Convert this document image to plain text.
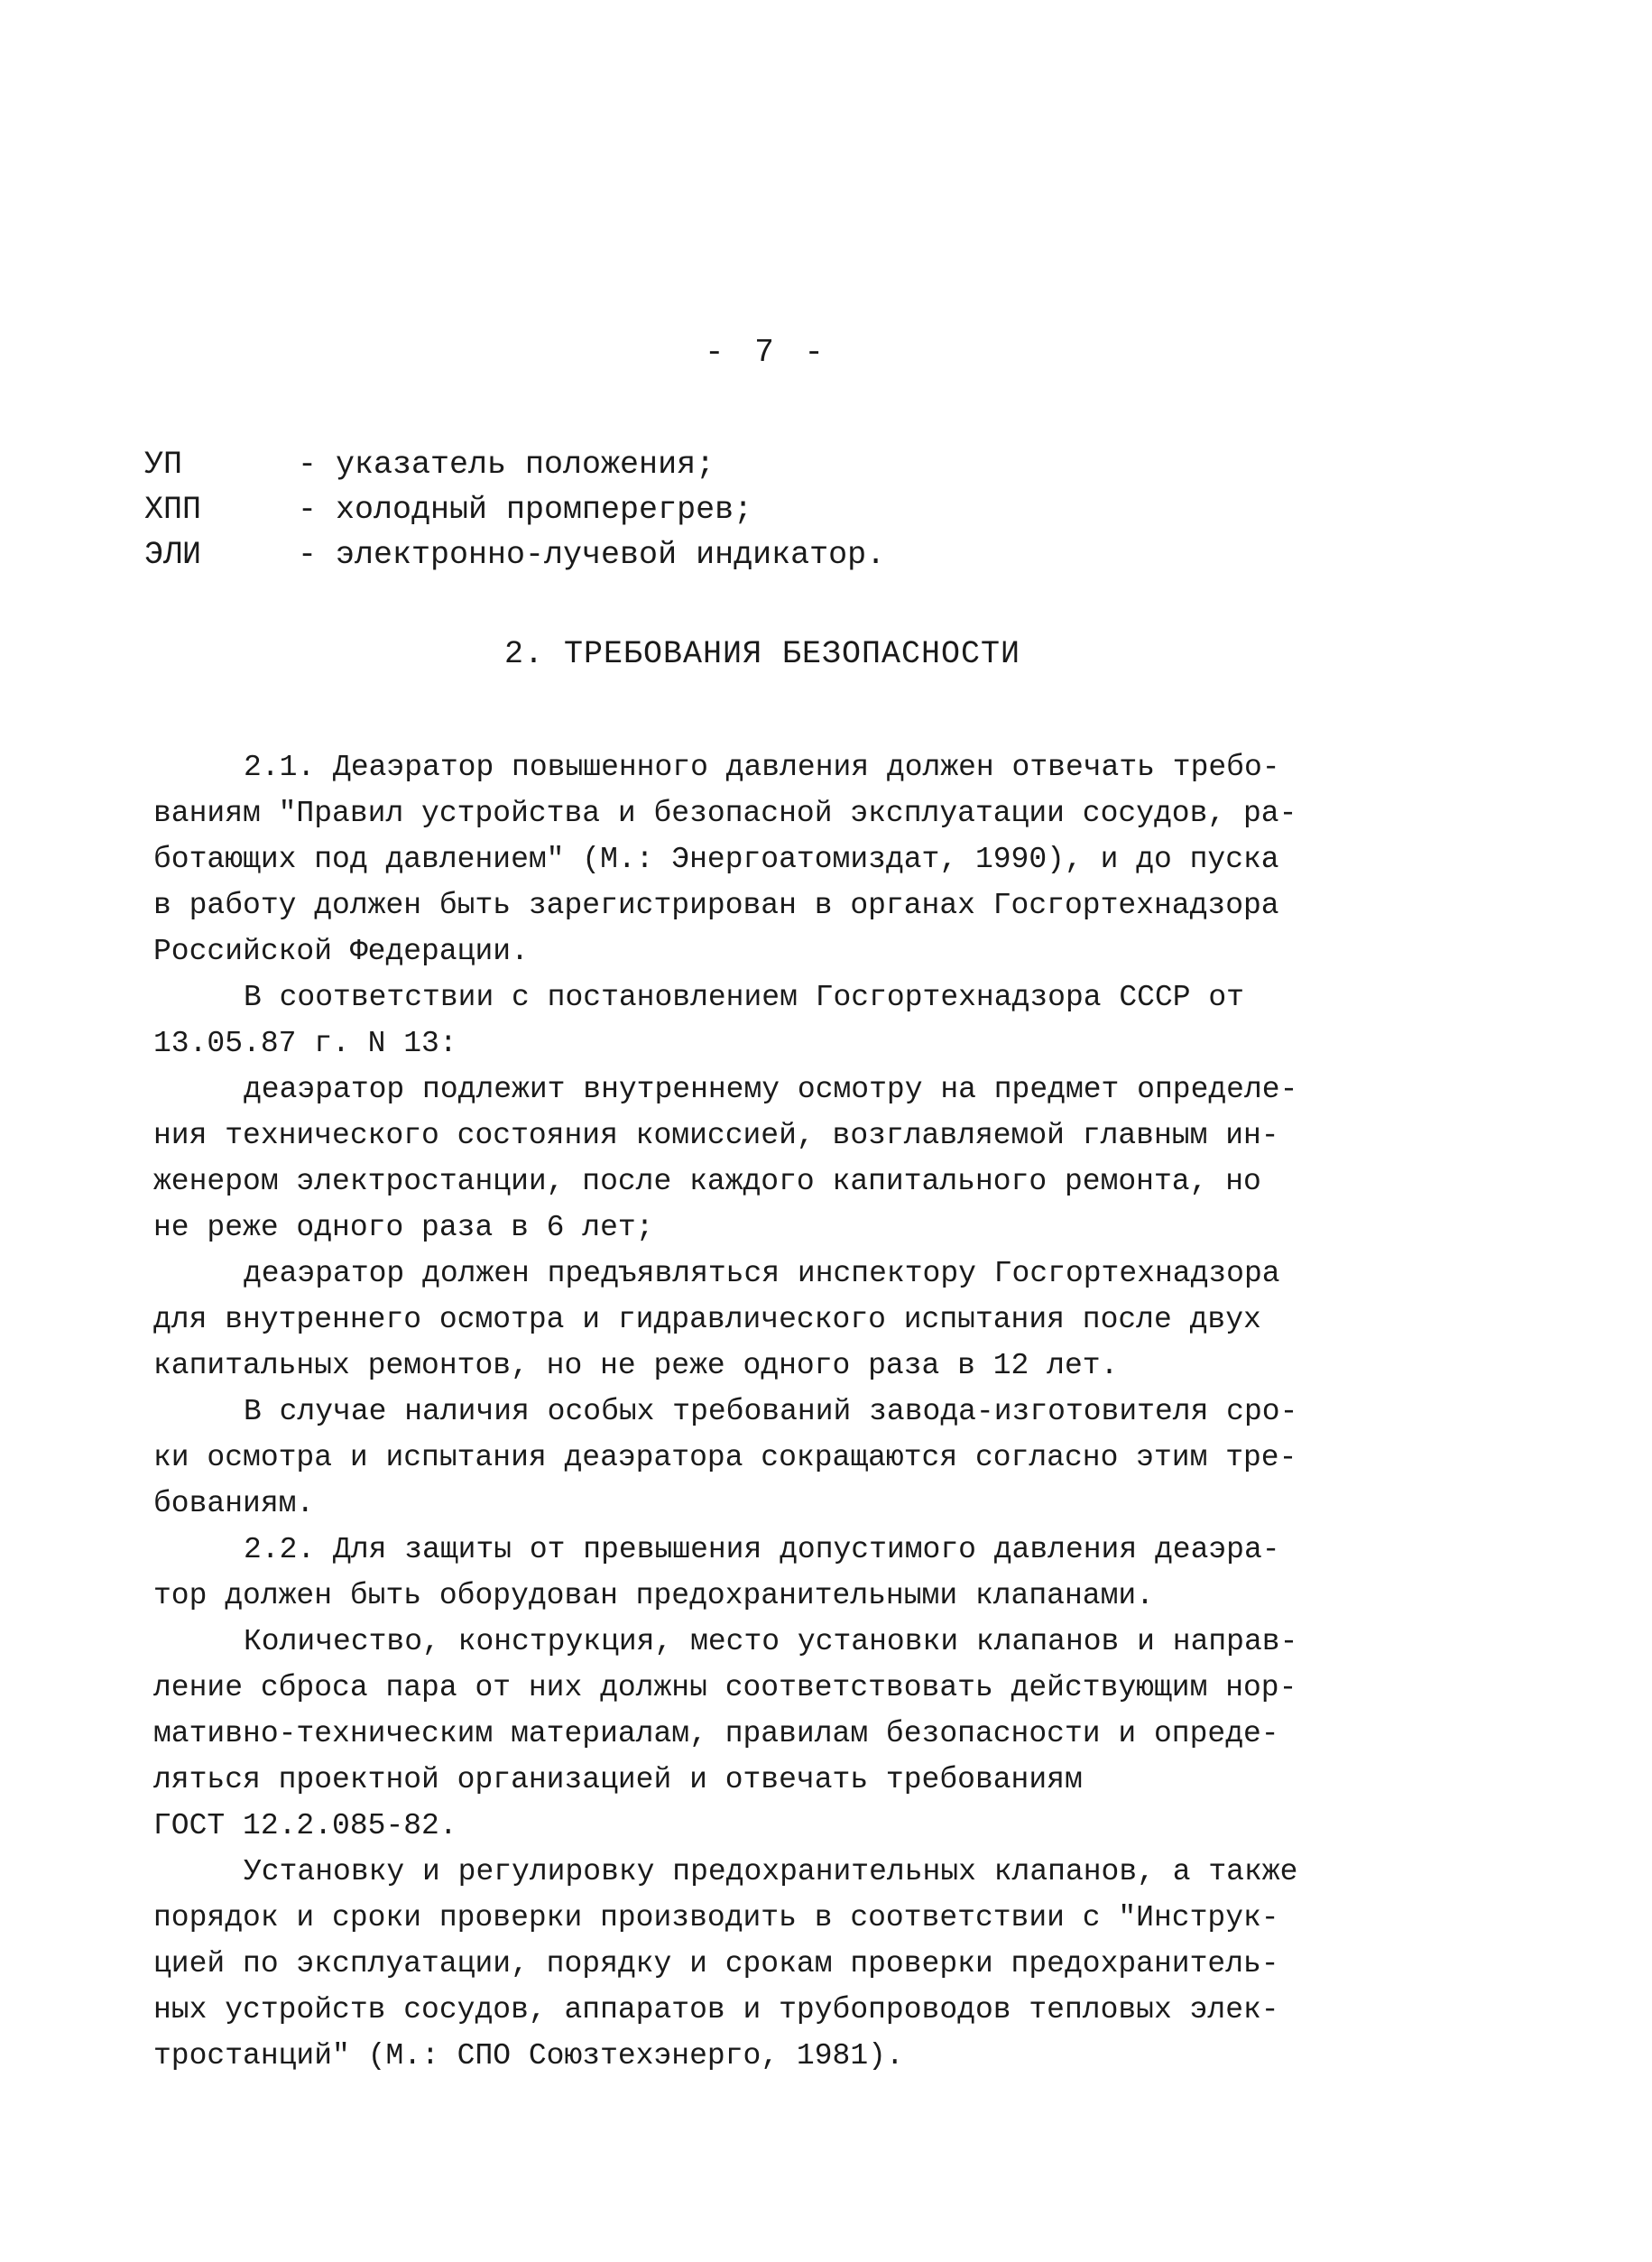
- 7 -
УП	- указатель положения;
ХПП	- холодный промперегрев;
ЭЛИ	- электронно-лучевой индикатор.
2. ТРЕБОВАНИЯ БЕЗОПАСНОСТИ
2.1. Деаэратор повышенного давления должен отвечать требо-
ваниям "Правил устройства и безопасной эксплуатации сосудов, ра-
ботающих под давлением" (М.: Энергоатомиздат, 1990), и до пуска
в работу должен быть зарегистрирован в органах Госгортехнадзора
Российской Федерации.
В соответствии с постановлением Госгортехнадзора СССР от
13.05.87 г. N 13:
деаэратор подлежит внутреннему осмотру на предмет определе-
ния технического состояния комиссией, возглавляемой главным ин-
женером электростанции, после каждого капитального ремонта, но
не реже одного раза в 6 лет;
деаэратор должен предъявляться инспектору Госгортехнадзора
для внутреннего осмотра и гидравлического испытания после двух
капитальных ремонтов, но не реже одного раза в 12 лет.
В случае наличия особых требований завода-изготовителя сро-
ки осмотра и испытания деаэратора сокращаются согласно этим тре-
бованиям.
2.2. Для защиты от превышения допустимого давления деаэра-
тор должен быть оборудован предохранительными клапанами.
Количество, конструкция, место установки клапанов и направ-
ление сброса пара от них должны соответствовать действующим нор-
мативно-техническим материалам, правилам безопасности и опреде-
ляться проектной организацией и отвечать требованиям
ГОСТ 12.2.085-82.
Установку и регулировку предохранительных клапанов, а также
порядок и сроки проверки производить в соответствии с "Инструк-
цией по эксплуатации, порядку и срокам проверки предохранитель-
ных устройств сосудов, аппаратов и трубопроводов тепловых элек-
тростанций" (М.: СПО Союзтехэнерго, 1981).
